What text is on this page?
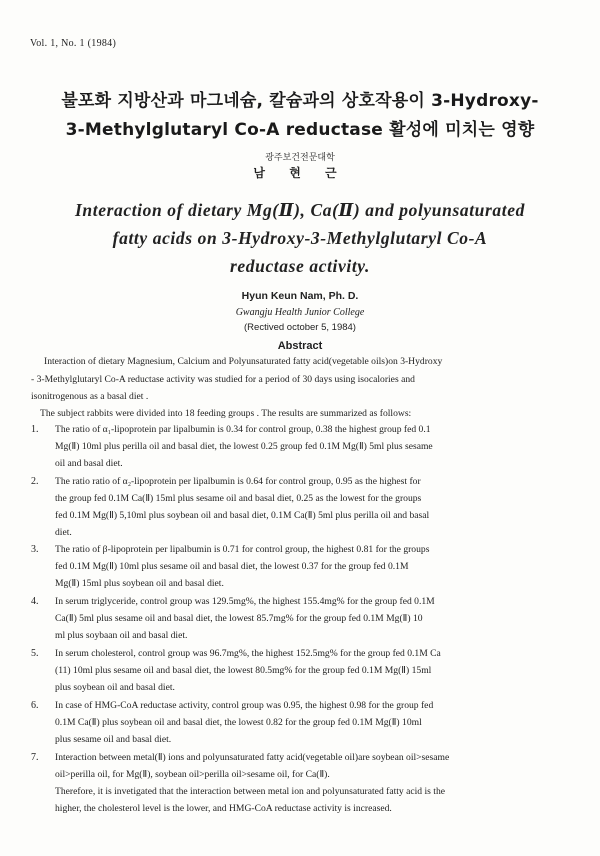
Vol. 1, No. 1 (1984)
불포화 지방산과 마그네슘, 칼슘과의 상호작용이 3-Hydroxy-
3-Methylglutaryl Co-A reductase 활성에 미치는 영향
광주보건전문대학
남 현 근
Interaction of dietary Mg(Ⅱ), Ca(Ⅱ) and polyunsaturated
fatty acids on 3-Hydroxy-3-Methylglutaryl Co-A
reductase activity.
Hyun Keun Nam, Ph. D.
Gwangju Health Junior College
(Rectived october 5, 1984)
Abstract
Interaction of dietary Magnesium, Calcium and Polyunsaturated fatty acid(vegetable oils)on 3-Hydroxy
- 3-Methylglutaryl Co-A reductase activity was studied for a period of 30 days using isocalories and
isonitrogenous as a basal diet .
The subject rabbits were divided into 18 feeding groups . The results are summarized as follows:
1. The ratio of α₁-lipoprotein par lipalbumin is 0.34 for control group, 0.38 the highest group fed 0.1
Mg(Ⅱ) 10ml plus perilla oil and basal diet, the lowest 0.25 group fed 0.1M Mg(Ⅱ) 5ml plus sesame
oil and basal diet.
2. The ratio ratio of α₂-lipoprotein per lipalbumin is 0.64 for control group, 0.95 as the highest for
the group fed 0.1M Ca(Ⅱ) 15ml plus sesame oil and basal diet, 0.25 as the lowest for the groups
fed 0.1M Mg(Ⅱ) 5,10ml plus soybean oil and basal diet, 0.1M Ca(Ⅱ) 5ml plus perilla oil and basal
diet.
3. The ratio of β-lipoprotein per lipalbumin is 0.71 for control group, the highest 0.81 for the groups
fed 0.1M Mg(Ⅱ) 10ml plus sesame oil and basal diet, the lowest 0.37 for the group fed 0.1M
Mg(Ⅱ) 15ml plus soybean oil and basal diet.
4. In serum triglyceride, control group was 129.5mg%, the highest 155.4mg% for the group fed 0.1M
Ca(Ⅱ) 5ml plus sesame oil and basal diet, the lowest 85.7mg% for the group fed 0.1M Mg(Ⅱ) 10
ml plus soybaan oil and basal diet.
5. In serum cholesterol, control group was 96.7mg%, the highest 152.5mg% for the group fed 0.1M Ca
(11) 10ml plus sesame oil and basal diet, the lowest 80.5mg% for the group fed 0.1M Mg(Ⅱ) 15ml
plus soybean oil and basal diet.
6. In case of HMG-CoA reductase activity, control group was 0.95, the highest 0.98 for the group fed
0.1M Ca(Ⅱ) plus soybean oil and basal diet, the lowest 0.82 for the group fed 0.1M Mg(Ⅱ) 10ml
plus sesame oil and basal diet.
7. Interaction between metal(Ⅱ) ions and polyunsaturated fatty acid(vegetable oil)are soybean oil>sesame
oil>perilla oil, for Mg(Ⅱ), soybean oil>perilla oil>sesame oil, for Ca(Ⅱ).
Therefore, it is invetigated that the interaction between metal ion and polyunsaturated fatty acid is the
higher, the cholesterol level is the lower, and HMG-CoA reductase activity is increased.
